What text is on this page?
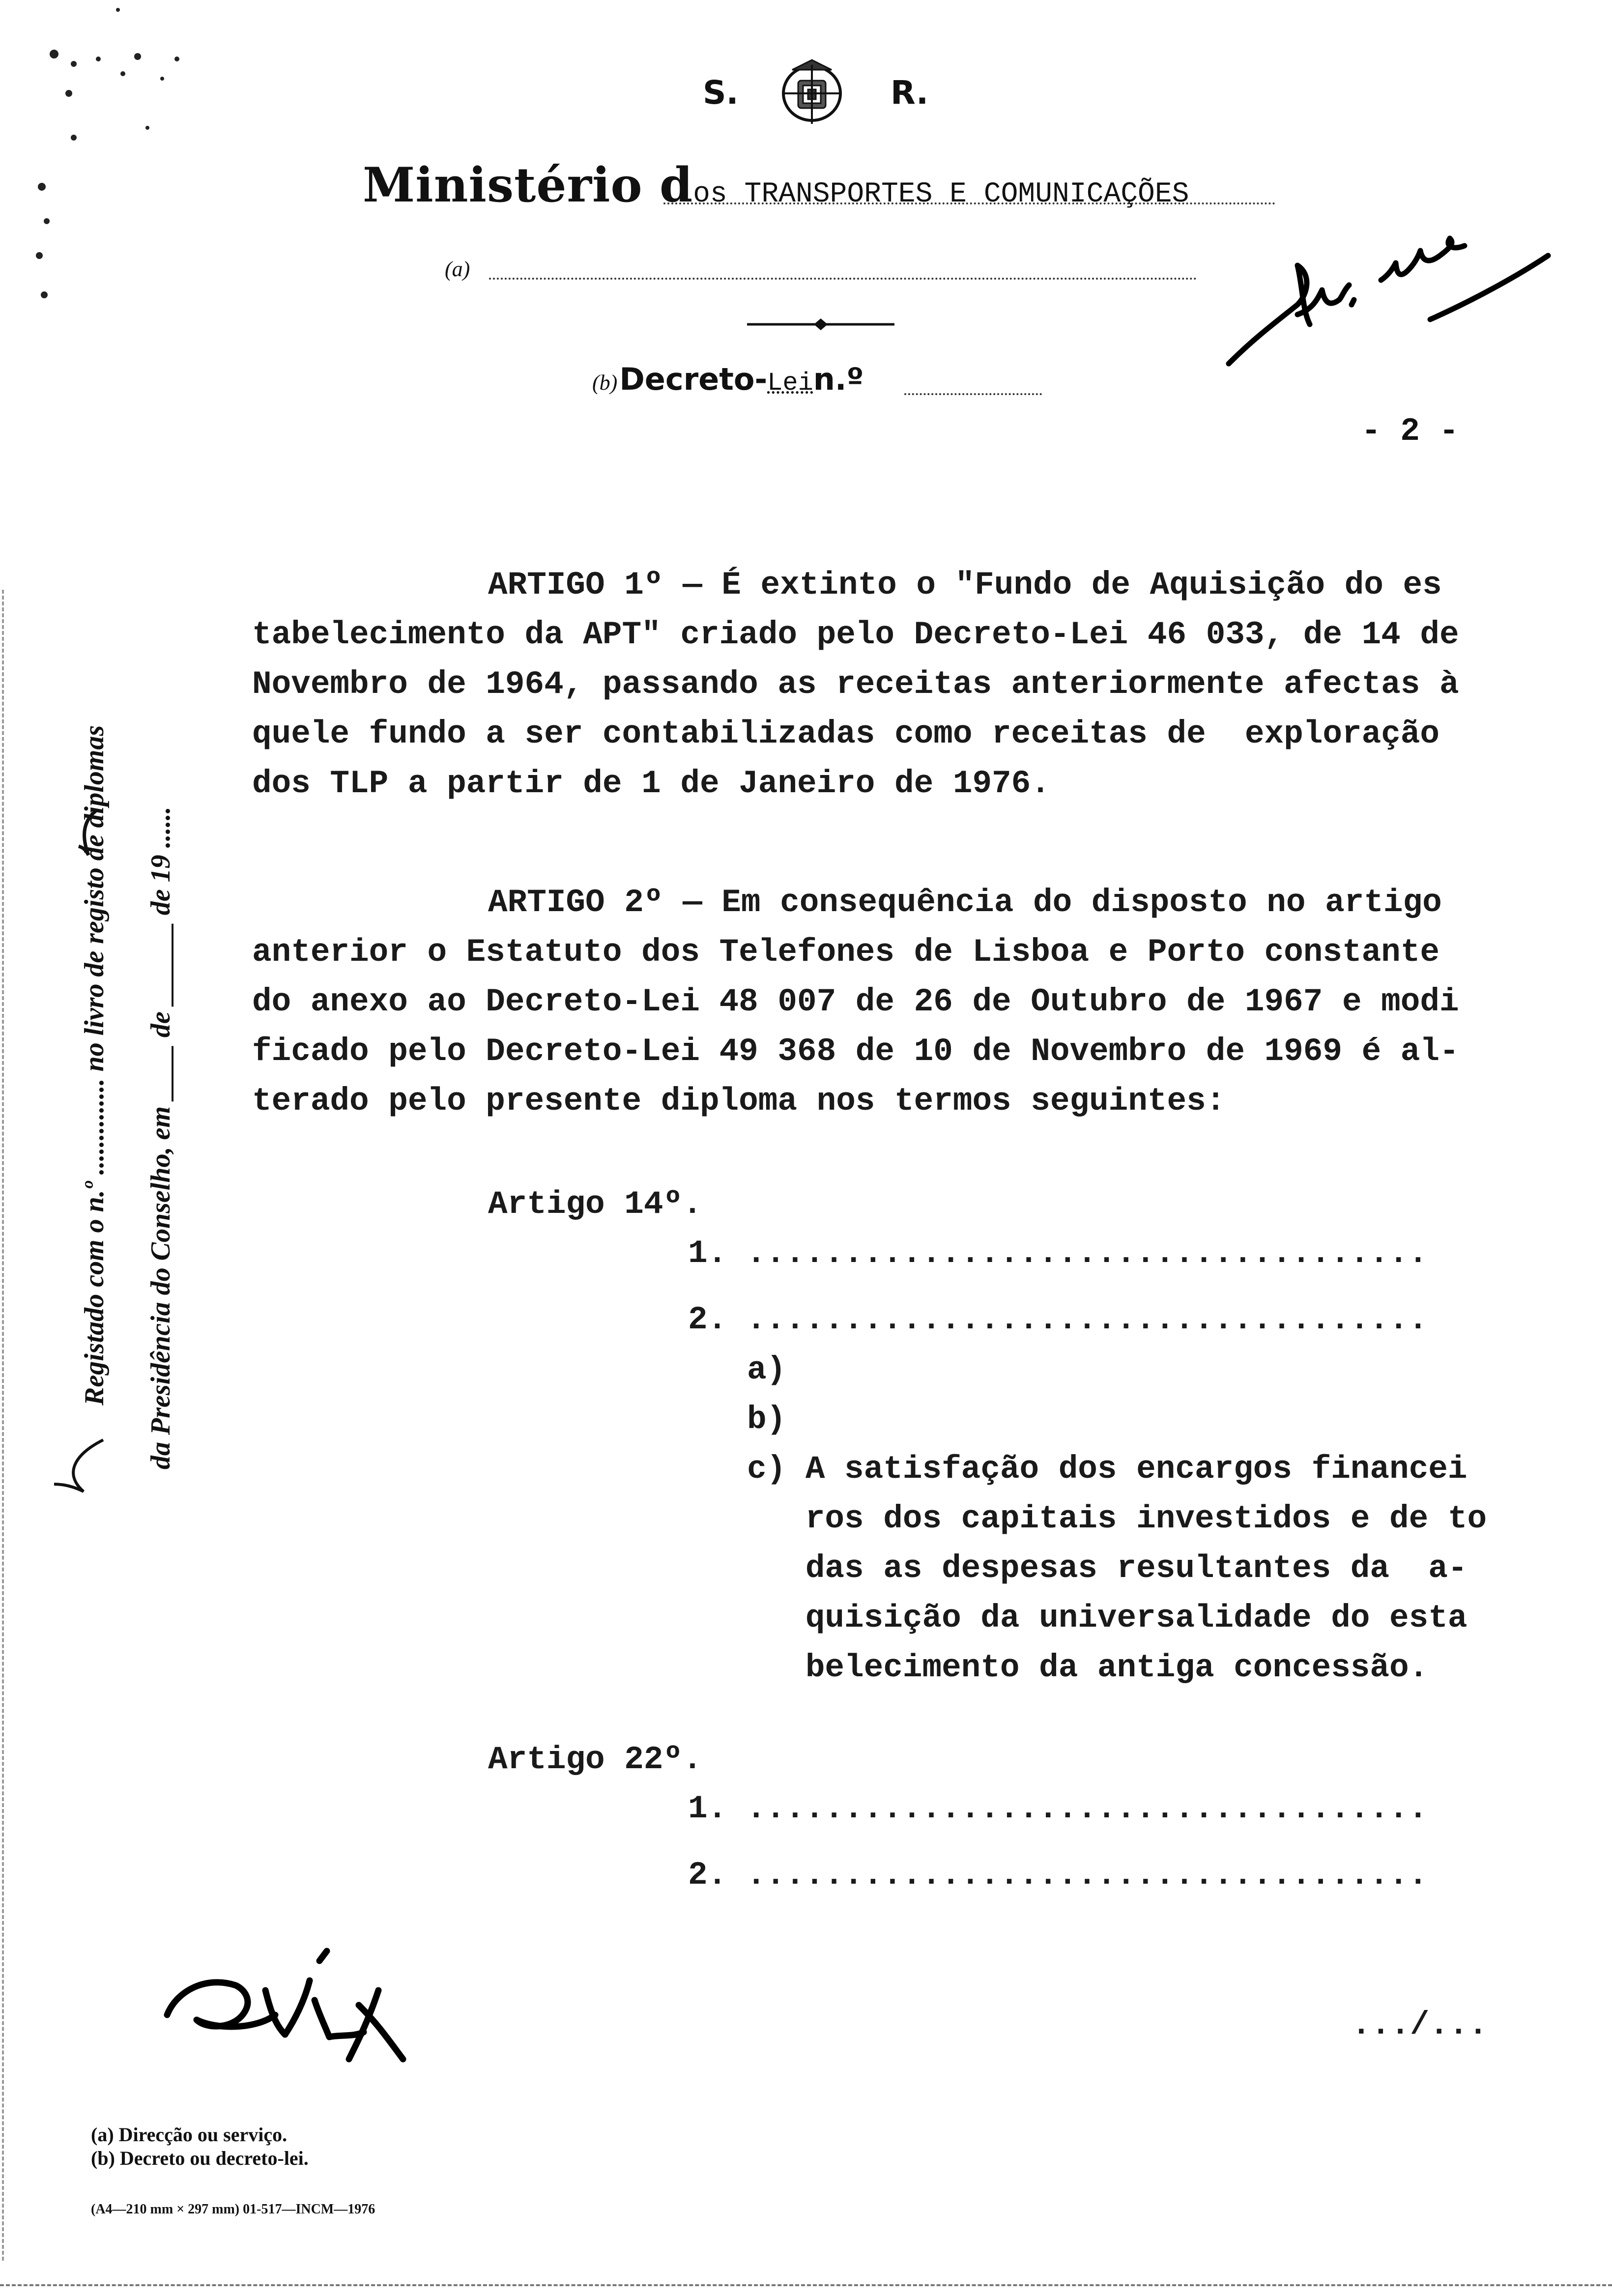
S.	R.
Ministério dos TRANSPORTES E COMUNICAÇÕES
(a)
(b) Decreto-Lein.º
- 2 -
Registado com o n.º .............. no livro de registo de diplomas da Presidência do Conselho, em ____ de ______ de 19 ......
ARTIGO 1º — É extinto o "Fundo de Aquisição do es
tabelecimento da APT" criado pelo Decreto-Lei 46 033, de 14 de
Novembro de 1964, passando as receitas anteriormente afectas à
quele fundo a ser contabilizadas como receitas de  exploração
dos TLP a partir de 1 de Janeiro de 1976.
ARTIGO 2º — Em consequência do disposto no artigo
anterior o Estatuto dos Telefones de Lisboa e Porto constante
do anexo ao Decreto-Lei 48 007 de 26 de Outubro de 1967 e modi
ficado pelo Decreto-Lei 49 368 de 10 de Novembro de 1969 é al-
terado pelo presente diploma nos termos seguintes:
Artigo 14º.
1. ...................................
2. ...................................
a)
b)
c) A satisfação dos encargos financei
ros dos capitais investidos e de to
das as despesas resultantes da  a-
quisição da universalidade do esta
belecimento da antiga concessão.
Artigo 22º.
1. ...................................
2. ...................................
.../...
(a) Direcção ou serviço.
(b) Decreto ou decreto-lei.
(A4—210 mm × 297 mm) 01-517—INCM—1976
